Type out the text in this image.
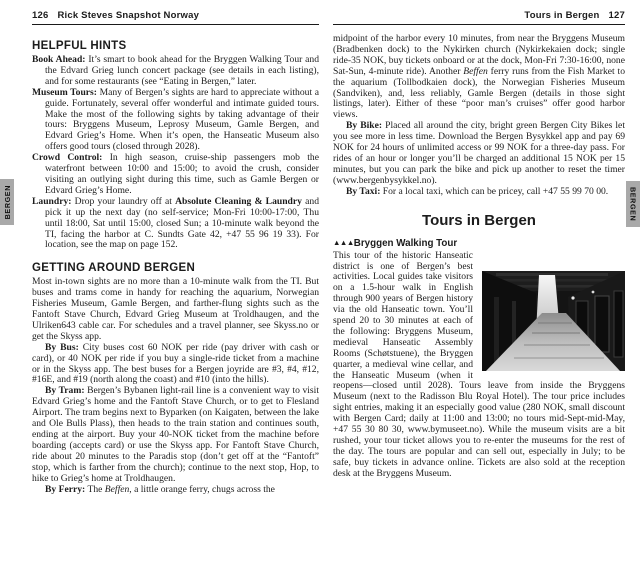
126 Rick Steves Snapshot Norway
HELPFUL HINTS

Book Ahead: It’s smart to book ahead for the Bryggen Walking Tour and the Edvard Grieg lunch concert package (see details in each listing), and for some restaurants (see “Eating in Bergen,” later.

Museum Tours: Many of Bergen’s sights are hard to appreciate without a guide. Fortunately, several offer wonderful and intimate guided tours. Make the most of the following sights by taking advantage of their tours: Bryggens Museum, Leprosy Museum, Gamle Bergen, and Edvard Grieg’s Home. When it’s open, the Hanseatic Museum also offers good tours (closed through 2028).

Crowd Control: In high season, cruise-ship passengers mob the waterfront between 10:00 and 15:00; to avoid the crush, consider visiting an outlying sight during this time, such as Gamle Bergen or Edvard Grieg’s Home.

Laundry: Drop your laundry off at Absolute Cleaning & Laundry and pick it up the next day (no self-service; Mon-Fri 10:00-17:00, Thu until 18:00, Sat until 15:00, closed Sun; a 10-minute walk beyond the TI, facing the harbor at C. Sundts Gate 42, +47 55 96 19 33). For location, see the map on page 152.

GETTING AROUND BERGEN

Most in-town sights are no more than a 10-minute walk from the TI. But buses and trams come in handy for reaching the aquarium, Norwegian Fisheries Museum, Gamle Bergen, and farther-flung sights such as the Fantoft Stave Church, Edvard Grieg Museum at Troldhaugen, and the Ulriken643 cable car. For schedules and a travel planner, see Skyss.no or get the Skyss app.

By Bus: City buses cost 60 NOK per ride (pay driver with cash or card), or 40 NOK per ride if you buy a single-ride ticket from a machine or in the Skyss app. The best buses for a Bergen joyride are #3, #4, #12, #16E, and #19 (north along the coast) and #10 (into the hills).

By Tram: Bergen’s Bybanen light-rail line is a convenient way to visit Edvard Grieg’s home and the Fantoft Stave Church, or to get to Flesland Airport. The tram begins next to Byparken (on Kaigaten, between the lake and Ole Bulls Plass), then heads to the train station and continues south, ending at the airport. Buy your 40-NOK ticket from the machine before boarding (accepts card) or use the Skyss app. For Fantoft Stave Church, ride about 20 minutes to the Paradis stop (don’t get off at the “Fantoft” stop, which is farther from the church); continue to the next stop, Hop, to hike to Grieg’s home at Troldhaugen.

By Ferry: The Beffen, a little orange ferry, chugs across the

Tours in Bergen 127

midpoint of the harbor every 10 minutes, from near the Bryggens Museum (Bradbenken dock) to the Nykirken church (Nykirkekaien dock; single ride-35 NOK, buy tickets onboard or at the dock, Mon-Fri 7:30-16:00, none Sat-Sun, 4-minute ride). Another Beffen ferry runs from the Fish Market to the aquarium (Tollbodkaien dock), the Norwegian Fisheries Museum (Sandviken), and, less reliably, Gamle Bergen (details in those sight listings, later). Either of these “poor man’s cruises” offer good harbor views.

By Bike: Placed all around the city, bright green Bergen City Bikes let you see more in less time. Download the Bergen Bysykkel app and pay 69 NOK for 24 hours of unlimited access or 99 NOK for a three-day pass. For rides of an hour or longer you’ll be charged an additional 15 NOK per 15 minutes, but you can park the bike and pick up another to reset the timer (www.bergenbysykkel.no).

By Taxi: For a local taxi, which can be pricey, call +47 55 99 70 00.

Tours in Bergen
▲▲▲Bryggen Walking Tour

This tour of the historic Hanseatic district is one of Bergen’s best activities. Local guides take visitors on a 1.5-hour walk in English through 900 years of Bergen history via the old Hanseatic town. You’ll spend 20 to 30 minutes at each of the following: Bryggens Museum, medieval Hanseatic Assembly Rooms (Schøtstuene), the Bryggen quarter, a medieval wine cellar, and the Hanseatic Museum (when it reopens—closed until 2028). Tours leave from inside the Bryggens Museum (next to the Radisson Blu Royal Hotel). The tour price includes sight entries, making it an especially good value (280 NOK, small discount with Bergen Card; daily at 11:00 and 13:00; no tours mid-Sept-mid-May, +47 55 30 80 30, www.bymuseet.no). While the museum visits are a bit rushed, your tour ticket allows you to re-enter the museums for the rest of the day. The tours are popular and can sell out, especially in July; to be safe, buy tickets in advance online. Tickets are also sold at the reception desk at the Bryggens Museum.

BERGEN	BERGEN
